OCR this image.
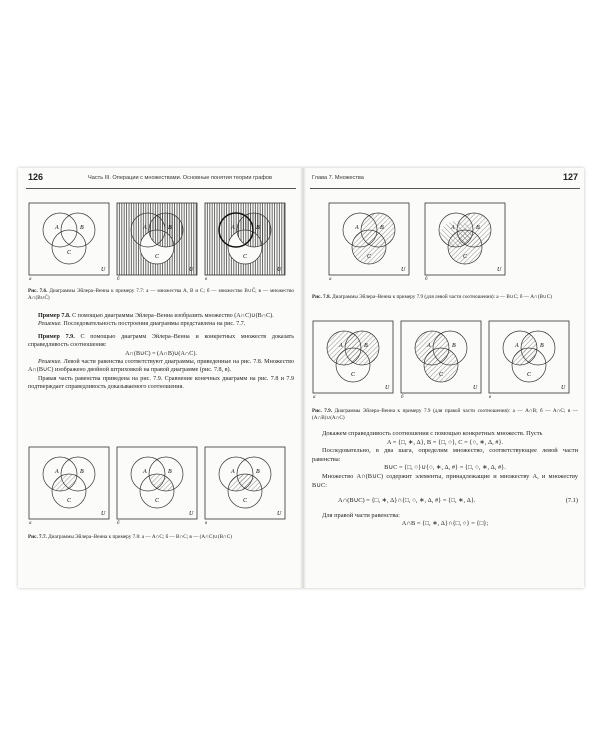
126	Часть III. Операции с множествами. Основные понятия теории графов
A	B
C
U
а
A	B
C
U
б
A	B
C
U
в
Рис. 7.6. Диаграммы Эйлера–Венна к примеру 7.7: а — множества A, B и C; б — множество B∪C̄; в — множество A∩(B∪C̄)

Пример 7.8. С помощью диаграммы Эйлера–Венна изобразить множество (A∩C)∪(B∩C).

Решение. Последовательность построения диаграммы представлена на рис. 7.7.

Пример 7.9. С помощью диаграмм Эйлера–Венна и конкретных множеств доказать справедливость соотношения:

A∩(B∪C) = (A∩B)∪(A∩C).

Решение. Левой части равенства соответствуют диаграммы, приведенные на рис. 7.8. Множество A∩(B∪C) изображено двойной штриховкой на правой диаграмме (рис. 7.8, в).

Правая часть равенства приведена на рис. 7.9. Сравнение конечных диаграмм на рис. 7.8 и 7.9 подтверждает справедливость доказываемого соотношения.

A	B
C
U
а
A	B
C
U
б
A	B
C
U
в
Рис. 7.7. Диаграммы Эйлера–Венна к примеру 7.8: а — A∩C; б — B∩C; в — (A∩C)∪(B∩C)
Глава 7. Множества	127
A	B
C
U
а
A	B
C
U
б
Рис. 7.8. Диаграммы Эйлера–Венна к примеру 7.9 (для левой части соотношения): а — B∪C; б — A∩(B∪C)
A	B
C
U
а
A	B
C
U
б
A	B
C
U
в
Рис. 7.9. Диаграммы Эйлера–Венна к примеру 7.9 (для правой части соотношения): а — A∩B; б — A∩C; в — (A∩B)∪(A∩C)

Докажем справедливость соотношения с помощью конкретных множеств. Пусть

A = {□, ∗, Δ}, B = {□, ○}, C = {○, ∗, Δ, #}.

Последовательно, в два шага, определим множество, соответствующее левой части равенства:

B∪C = {□, ○}∪{○, ∗, Δ, #} = {□, ○, ∗, Δ, #}.

Множество A∩(B∪C) содержит элементы, принадлежащие и множеству A, и множеству B∪C:

A∩(B∪C) = {□, ∗, Δ}∩{□, ○, ∗, Δ, #} = {□, ∗, Δ}.	(7.1)

Для правой части равенства:

A∩B = {□, ∗, Δ}∩{□, ○} = {□};
